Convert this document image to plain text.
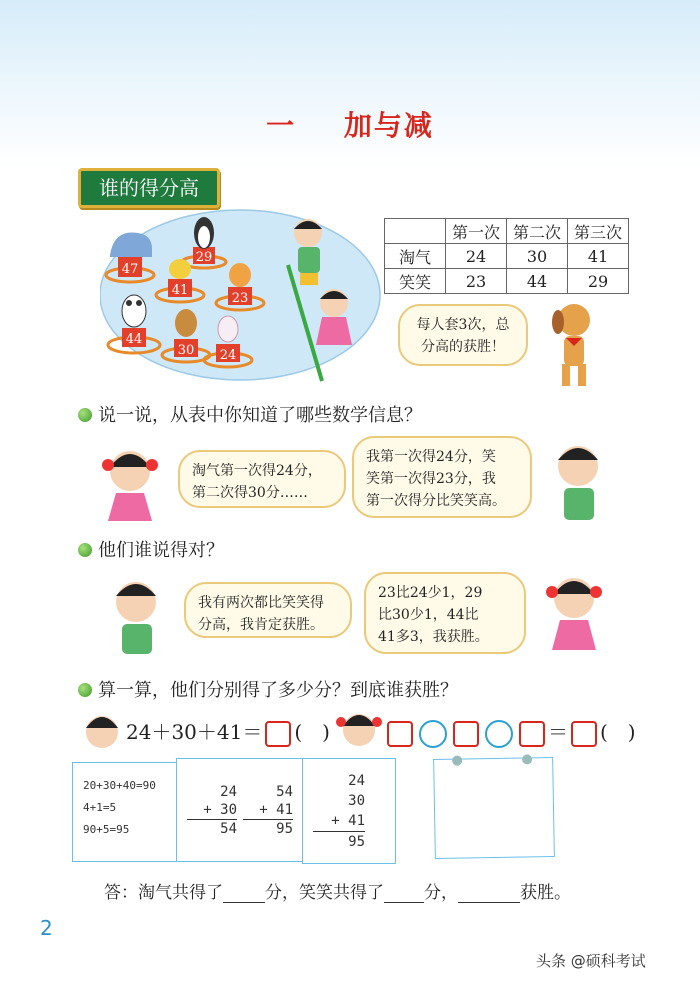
一 加与减
谁的得分高
47
29
41
23
44
30 24
	第一次	第二次	第三次
淘气	24	30	41
笑笑	23	44	29
每人套3次，总
分高的获胜！
说一说，从表中你知道了哪些数学信息？
淘气第一次得24分，
第二次得30分……
我第一次得24分，笑
笑第一次得23分，我
第一次得分比笑笑高。
他们谁说得对？
我有两次都比笑笑得
分高，我肯定获胜。
23比24少1，29
比30少1，44比
41多3，我获胜。
算一算，他们分别得了多少分？到底谁获胜？
24＋30＋41＝ (　)	＝ (　)
20+30+40=90
4+1=5
90+5=95
24
+ 30
54
54
+ 41
95
24
30
+ 41
95
答：淘气共得了 分，笑笑共得了 分，	获胜。
2
头条 @硕科考试
